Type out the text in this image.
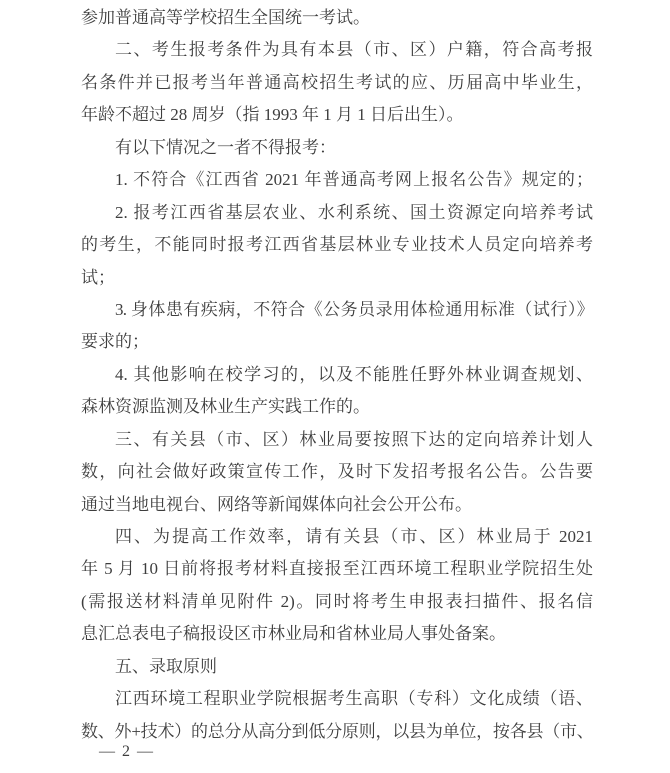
参加普通高等学校招生全国统一考试。
二、考生报考条件为具有本县（市、区）户籍，符合高考报
名条件并已报考当年普通高校招生考试的应、历届高中毕业生，
年龄不超过 28 周岁（指 1993 年 1 月 1 日后出生）。
有以下情况之一者不得报考：
1. 不符合《江西省 2021 年普通高考网上报名公告》规定的；
2. 报考江西省基层农业、水利系统、国土资源定向培养考试
的考生，不能同时报考江西省基层林业专业技术人员定向培养考
试；
3. 身体患有疾病，不符合《公务员录用体检通用标准（试行）》
要求的；
4. 其他影响在校学习的，以及不能胜任野外林业调查规划、
森林资源监测及林业生产实践工作的。
三、有关县（市、区）林业局要按照下达的定向培养计划人
数，向社会做好政策宣传工作，及时下发招考报名公告。公告要
通过当地电视台、网络等新闻媒体向社会公开公布。
四、为提高工作效率，请有关县（市、区）林业局于 2021
年 5 月 10 日前将报考材料直接报至江西环境工程职业学院招生处
(需报送材料清单见附件 2)。同时将考生申报表扫描件、报名信
息汇总表电子稿报设区市林业局和省林业局人事处备案。
五、录取原则
江西环境工程职业学院根据考生高职（专科）文化成绩（语、
数、外+技术）的总分从高分到低分原则，以县为单位，按各县（市、
— 2 —
